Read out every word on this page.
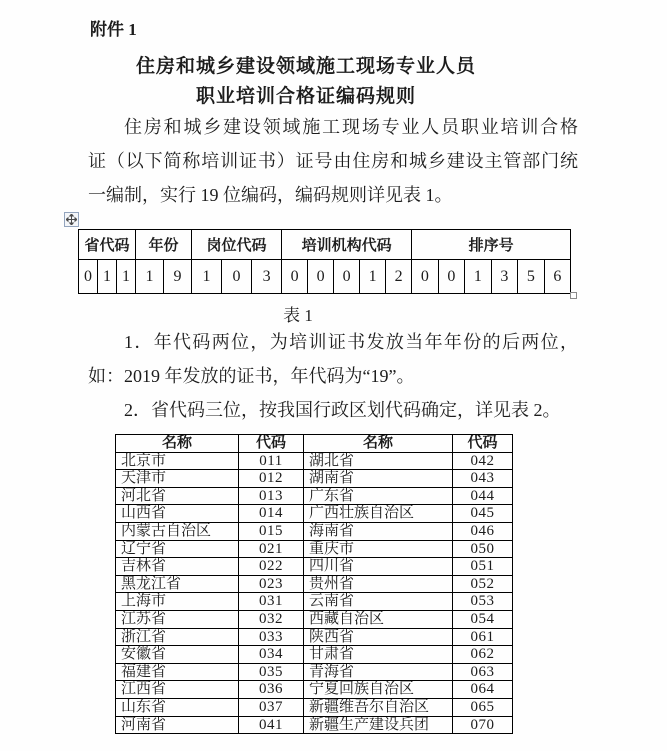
附件 1
住房和城乡建设领域施工现场专业人员
职业培训合格证编码规则
住房和城乡建设领域施工现场专业人员职业培训合格
证（以下简称培训证书）证号由住房和城乡建设主管部门统
一编制，实行 19 位编码，编码规则详见表 1。
省代码			年份		岗位代码			培训机构代码					排序号					
0	1	1	1	9	1	0	3	0	0	0	1	2	0	0	1	3	5	6
表 1
1．年代码两位，为培训证书发放当年年份的后两位，
如：2019 年发放的证书，年代码为“19”。
2．省代码三位，按我国行政区划代码确定，详见表 2。
名称	代码	名称	代码
北京市	011	湖北省	042
天津市	012	湖南省	043
河北省	013	广东省	044
山西省	014	广西壮族自治区	045
内蒙古自治区	015	海南省	046
辽宁省	021	重庆市	050
吉林省	022	四川省	051
黑龙江省	023	贵州省	052
上海市	031	云南省	053
江苏省	032	西藏自治区	054
浙江省	033	陕西省	061
安徽省	034	甘肃省	062
福建省	035	青海省	063
江西省	036	宁夏回族自治区	064
山东省	037	新疆维吾尔自治区	065
河南省	041	新疆生产建设兵团	070
